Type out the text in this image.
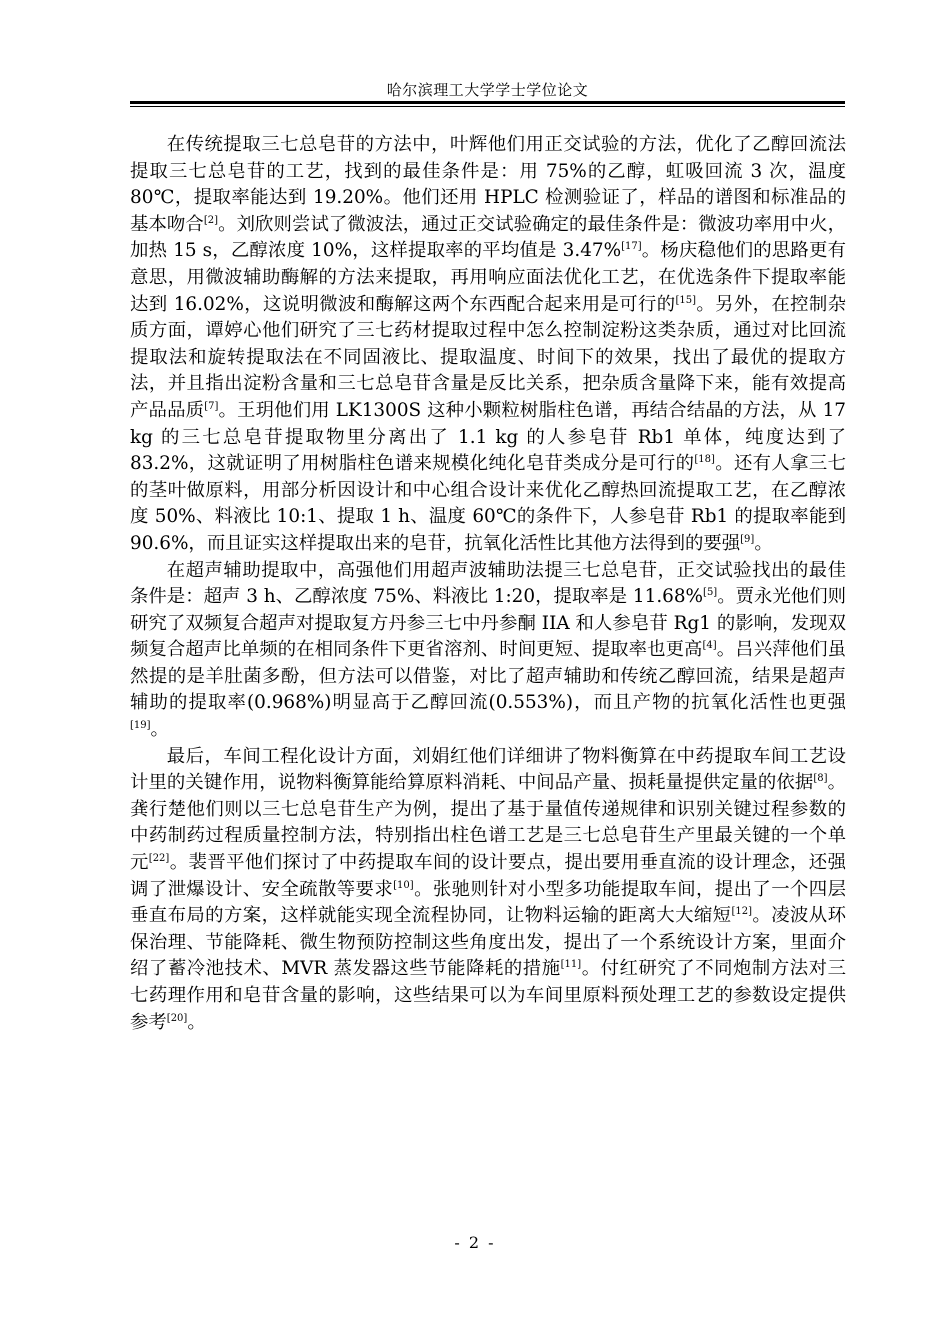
哈尔滨理工大学学士学位论文

在传统提取三七总皂苷的方法中，叶辉他们用正交试验的方法，优化了乙醇回流法提取三七总皂苷的工艺，找到的最佳条件是：用 75%的乙醇，虹吸回流 3 次，温度 80℃，提取率能达到 19.20%。他们还用 HPLC 检测验证了，样品的谱图和标准品的基本吻合[2]。刘欣则尝试了微波法，通过正交试验确定的最佳条件是：微波功率用中火，加热 15 s，乙醇浓度 10%，这样提取率的平均值是 3.47%[17]。杨庆稳他们的思路更有意思，用微波辅助酶解的方法来提取，再用响应面法优化工艺，在优选条件下提取率能达到 16.02%，这说明微波和酶解这两个东西配合起来用是可行的[15]。另外，在控制杂质方面，谭婷心他们研究了三七药材提取过程中怎么控制淀粉这类杂质，通过对比回流提取法和旋转提取法在不同固液比、提取温度、时间下的效果，找出了最优的提取方法，并且指出淀粉含量和三七总皂苷含量是反比关系，把杂质含量降下来，能有效提高产品品质[7]。王玥他们用 LK1300S 这种小颗粒树脂柱色谱，再结合结晶的方法，从 17 kg 的三七总皂苷提取物里分离出了 1.1 kg 的人参皂苷 Rb1 单体，纯度达到了 83.2%，这就证明了用树脂柱色谱来规模化纯化皂苷类成分是可行的[18]。还有人拿三七的茎叶做原料，用部分析因设计和中心组合设计来优化乙醇热回流提取工艺，在乙醇浓度 50%、料液比 10:1、提取 1 h、温度 60℃的条件下，人参皂苷 Rb1 的提取率能到 90.6%，而且证实这样提取出来的皂苷，抗氧化活性比其他方法得到的要强[9]。

在超声辅助提取中，高强他们用超声波辅助法提三七总皂苷，正交试验找出的最佳条件是：超声 3 h、乙醇浓度 75%、料液比 1:20，提取率是 11.68%[5]。贾永光他们则研究了双频复合超声对提取复方丹参三七中丹参酮 IIA 和人参皂苷 Rg1 的影响，发现双频复合超声比单频的在相同条件下更省溶剂、时间更短、提取率也更高[4]。吕兴萍他们虽然提的是羊肚菌多酚，但方法可以借鉴，对比了超声辅助和传统乙醇回流，结果是超声辅助的提取率(0.968%)明显高于乙醇回流(0.553%)，而且产物的抗氧化活性也更强[19]。

最后，车间工程化设计方面，刘娟红他们详细讲了物料衡算在中药提取车间工艺设计里的关键作用，说物料衡算能给算原料消耗、中间品产量、损耗量提供定量的依据[8]。龚行楚他们则以三七总皂苷生产为例，提出了基于量值传递规律和识别关键过程参数的中药制药过程质量控制方法，特别指出柱色谱工艺是三七总皂苷生产里最关键的一个单元[22]。裴晋平他们探讨了中药提取车间的设计要点，提出要用垂直流的设计理念，还强调了泄爆设计、安全疏散等要求[10]。张驰则针对小型多功能提取车间，提出了一个四层垂直布局的方案，这样就能实现全流程协同，让物料运输的距离大大缩短[12]。凌波从环保治理、节能降耗、微生物预防控制这些角度出发，提出了一个系统设计方案，里面介绍了蓄冷池技术、MVR 蒸发器这些节能降耗的措施[11]。付红研究了不同炮制方法对三七药理作用和皂苷含量的影响，这些结果可以为车间里原料预处理工艺的参数设定提供参考[20]。

- 2 -
